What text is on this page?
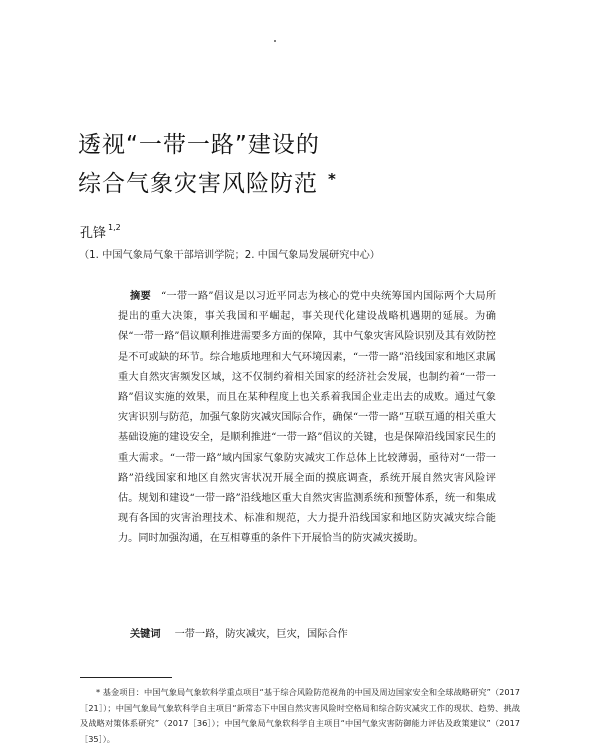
透视“一带一路”建设的
综合气象灾害风险防范 *
孔锋 $^{1,2}$
（1. 中国气象局气象干部培训学院；2. 中国气象局发展研究中心）
摘要 “一带一路”倡议是以习近平同志为核心的党中央统筹国内国际两个大局所提出的重大决策，事关我国和平崛起，事关现代化建设战略机遇期的延展。为确保“一带一路”倡议顺利推进需要多方面的保障，其中气象灾害风险识别及其有效防控是不可或缺的环节。综合地质地理和大气环境因素，“一带一路”沿线国家和地区隶属重大自然灾害频发区域，这不仅制约着相关国家的经济社会发展，也制约着“一带一路”倡议实施的效果，而且在某种程度上也关系着我国企业走出去的成败。通过气象灾害识别与防范，加强气象防灾减灾国际合作，确保“一带一路”互联互通的相关重大基础设施的建设安全，是顺利推进“一带一路”倡议的关键，也是保障沿线国家民生的重大需求。“一带一路”域内国家气象防灾减灾工作总体上比较薄弱，亟待对“一带一路”沿线国家和地区自然灾害状况开展全面的摸底调查，系统开展自然灾害风险评估。规划和建设“一带一路”沿线地区重大自然灾害监测系统和预警体系，统一和集成现有各国的灾害治理技术、标准和规范，大力提升沿线国家和地区防灾减灾综合能力。同时加强沟通，在互相尊重的条件下开展恰当的防灾减灾援助。
关键词 一带一路，防灾减灾，巨灾，国际合作
* 基金项目：中国气象局气象软科学重点项目“基于综合风险防范视角的中国及周边国家安全和全球战略研究”（2017［21］）；中国气象局气象软科学自主项目“新常态下中国自然灾害风险时空格局和综合防灾减灾工作的现状、趋势、挑战及战略对策体系研究”（2017［36］）；中国气象局气象软科学自主项目“中国气象灾害防御能力评估及政策建议”（2017［35］）。
